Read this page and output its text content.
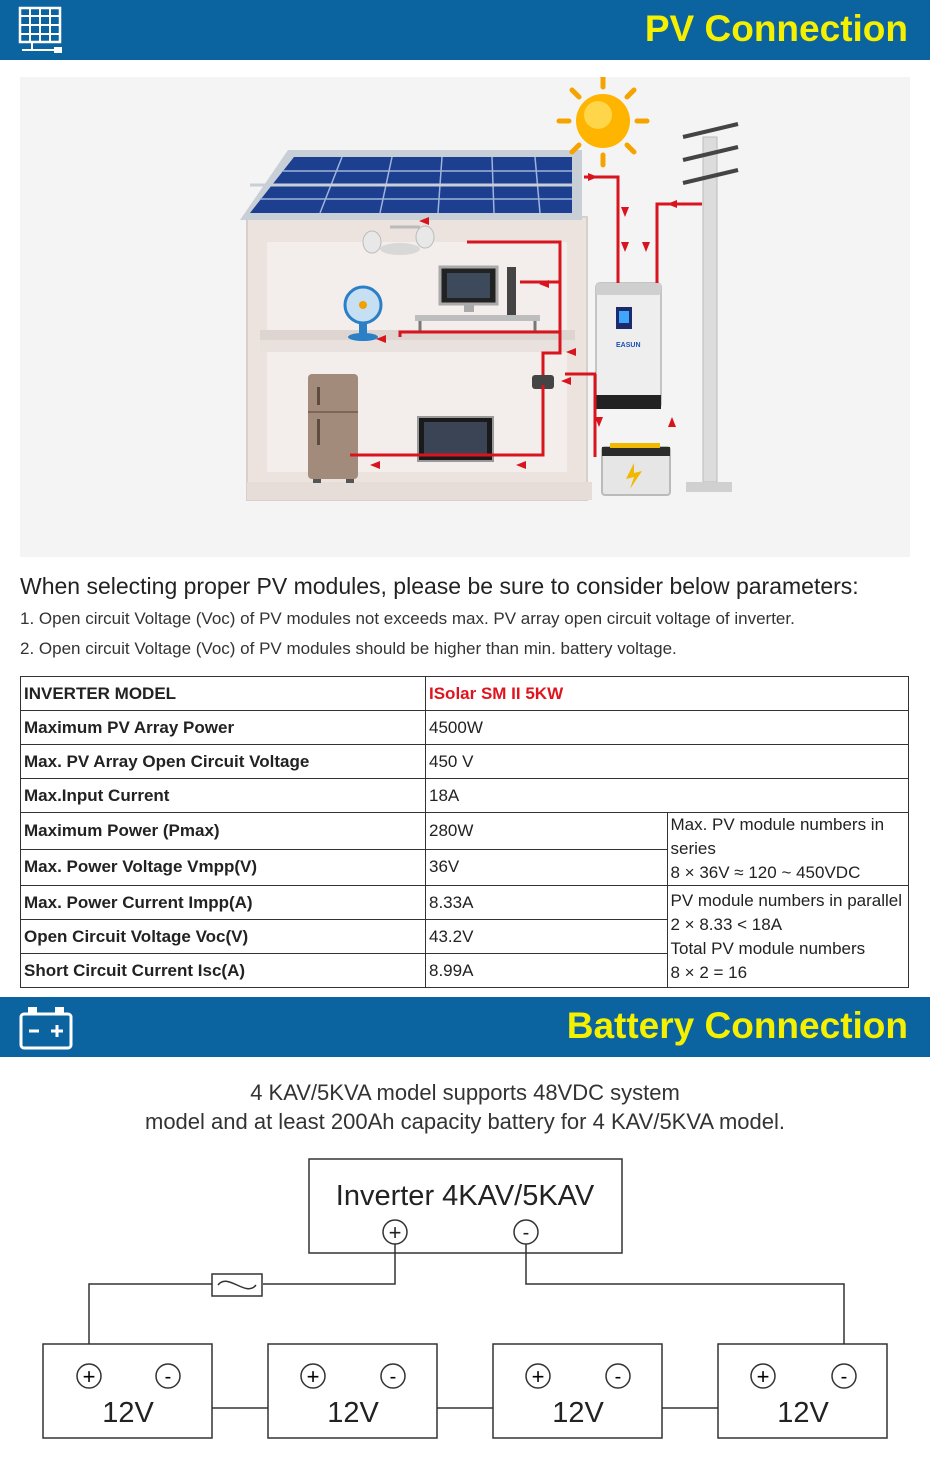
PV Connection
EASUN
When selecting proper PV modules, please be sure to consider below parameters:
1. Open circuit Voltage (Voc) of PV modules not exceeds max. PV array open circuit voltage of inverter.
2. Open circuit Voltage (Voc) of PV modules should be higher than min. battery voltage.
INVERTER MODEL	ISolar SM II 5KW	
Maximum PV Array Power	4500W	
Max. PV Array Open Circuit Voltage	450 V	
Max.Input Current	18A	
Maximum Power (Pmax)	280W	Max. PV module numbers in series
8 × 36V ≈ 120 ~ 450VDC

Max. Power Voltage Vmpp(V)	36V	
Max. Power Current Impp(A)	8.33A	PV module numbers in parallel
2 × 8.33 < 18A
Total PV module numbers
8 × 2 = 16

Open Circuit Voltage Voc(V)	43.2V	
Short Circuit Current Isc(A)	8.99A	
Battery Connection
4 KAV/5KVA model supports 48VDC system
model and at least 200Ah capacity battery for 4 KAV/5KVA model.
Inverter 4KAV/5KAV
+	-
+	-
12V
+	-
12V
+	-
12V
+	-
12V
